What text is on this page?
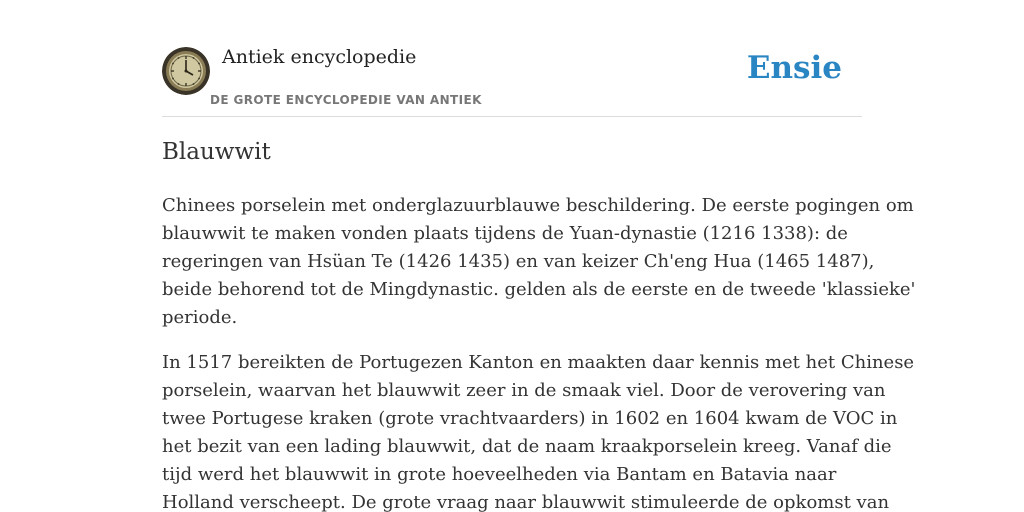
Antiek encyclopedie
DE GROTE ENCYCLOPEDIE VAN ANTIEK
Ensie
Blauwwit

Chinees porselein met onderglazuurblauwe beschildering. De eerste pogingen om
blauwwit te maken vonden plaats tijdens de Yuan-dynastie (1216 1338): de
regeringen van Hsüan Te (1426 1435) en van keizer Ch'eng Hua (1465 1487),
beide behorend tot de Mingdynastic. gelden als de eerste en de tweede 'klassieke'
periode.

In 1517 bereikten de Portugezen Kanton en maakten daar kennis met het Chinese
porselein, waarvan het blauwwit zeer in de smaak viel. Door de verovering van
twee Portugese kraken (grote vrachtvaarders) in 1602 en 1604 kwam de VOC in
het bezit van een lading blauwwit, dat de naam kraakporselein kreeg. Vanaf die
tijd werd het blauwwit in grote hoeveelheden via Bantam en Batavia naar
Holland verscheept. De grote vraag naar blauwwit stimuleerde de opkomst van
